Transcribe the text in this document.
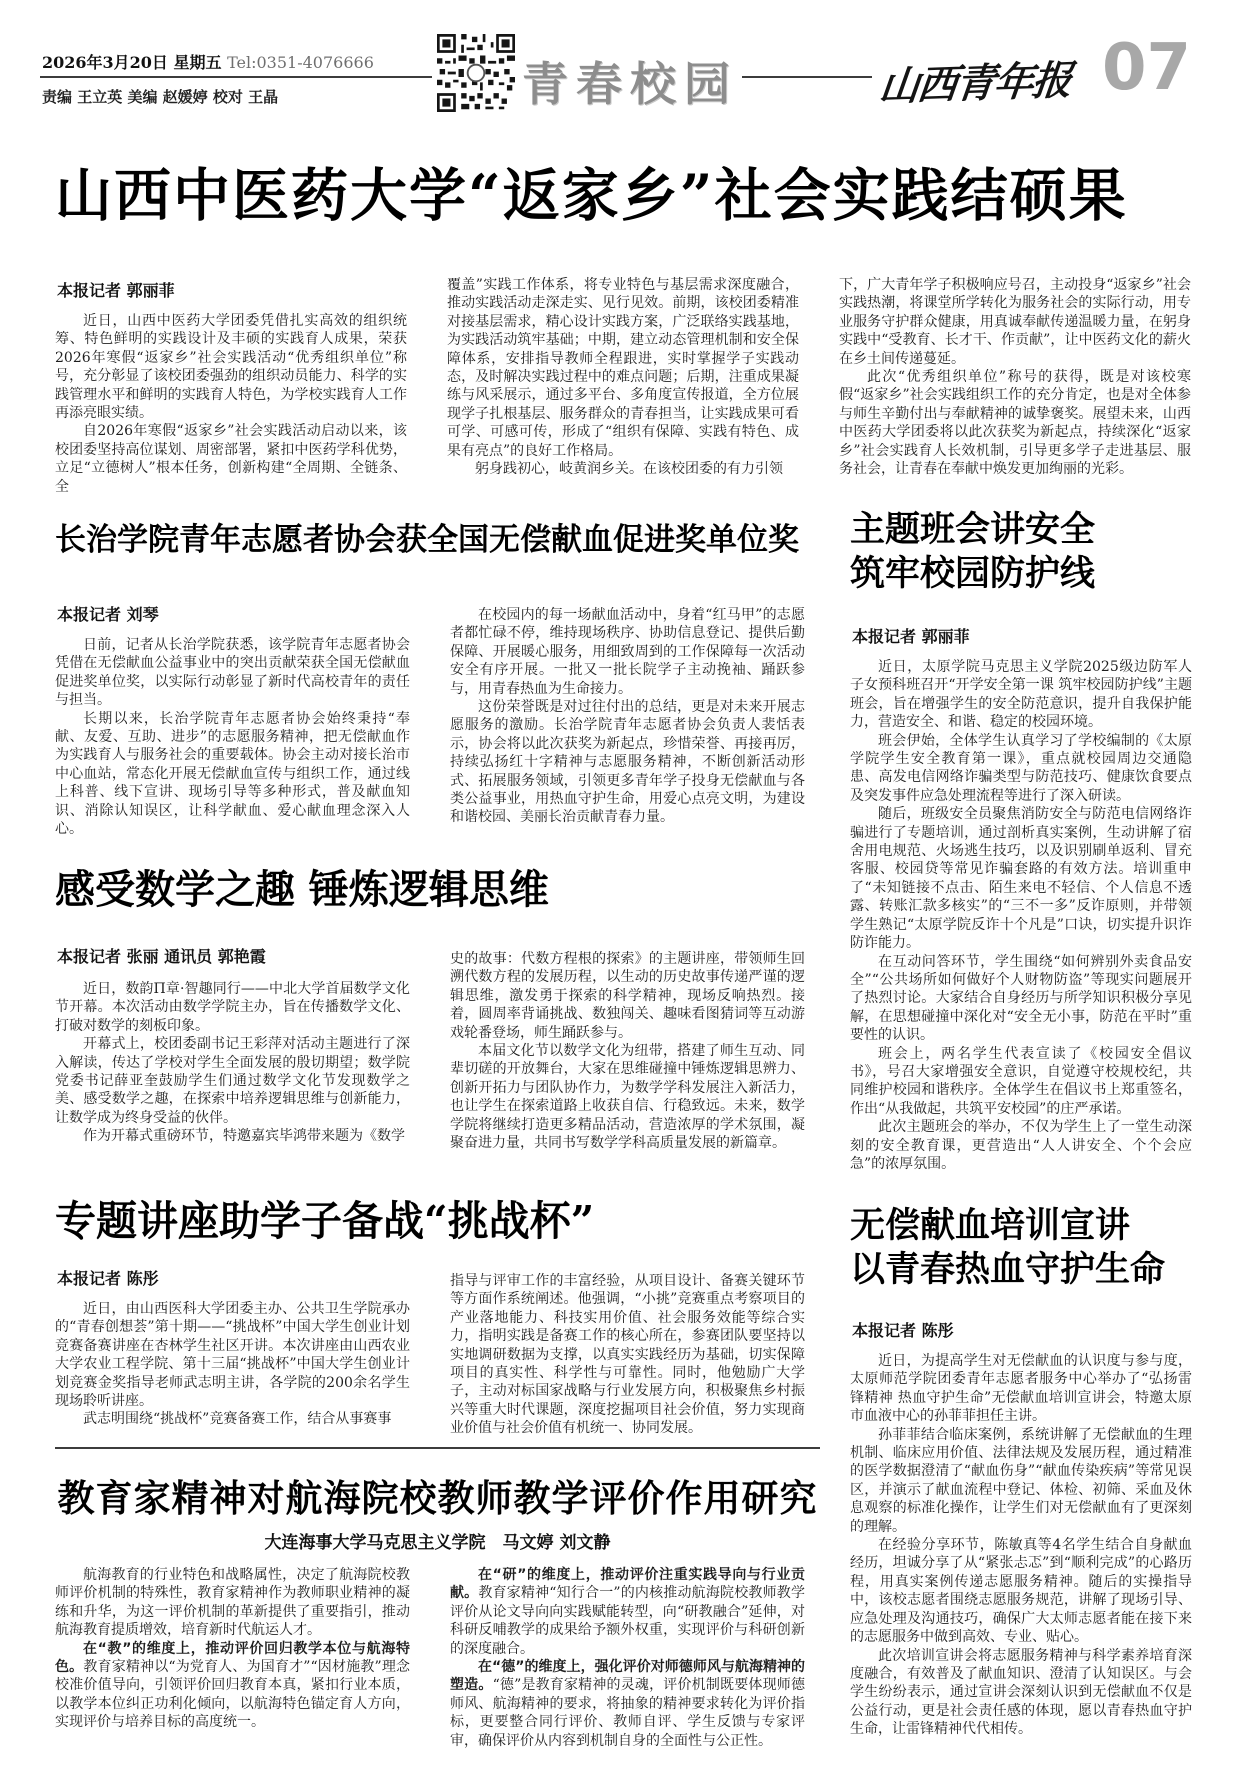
2026年3月20日 星期五 Tel:0351-4076666
责编 王立英 美编 赵媛婷 校对 王晶	青春校园	山西青年报 07
山西中医药大学“返家乡”社会实践结硕果
本报记者 郭丽菲

近日，山西中医药大学团委凭借扎实高效的组织统筹、特色鲜明的实践设计及丰硕的实践育人成果，荣获2026年寒假“返家乡”社会实践活动“优秀组织单位”称号，充分彰显了该校团委强劲的组织动员能力、科学的实践管理水平和鲜明的实践育人特色，为学校实践育人工作再添亮眼实绩。

自2026年寒假“返家乡”社会实践活动启动以来，该校团委坚持高位谋划、周密部署，紧扣中医药学科优势，立足“立德树人”根本任务，创新构建“全周期、全链条、全

覆盖”实践工作体系，将专业特色与基层需求深度融合，推动实践活动走深走实、见行见效。前期，该校团委精准对接基层需求，精心设计实践方案，广泛联络实践基地，为实践活动筑牢基础；中期，建立动态管理机制和安全保障体系，安排指导教师全程跟进，实时掌握学子实践动态，及时解决实践过程中的难点问题；后期，注重成果凝练与风采展示，通过多平台、多角度宣传报道，全方位展现学子扎根基层、服务群众的青春担当，让实践成果可看可学、可感可传，形成了“组织有保障、实践有特色、成果有亮点”的良好工作格局。

躬身践初心，岐黄润乡关。在该校团委的有力引领

下，广大青年学子积极响应号召，主动投身“返家乡”社会实践热潮，将课堂所学转化为服务社会的实际行动，用专业服务守护群众健康，用真诚奉献传递温暖力量，在躬身实践中“受教育、长才干、作贡献”，让中医药文化的薪火在乡土间传递蔓延。

此次“优秀组织单位”称号的获得，既是对该校寒假“返家乡”社会实践组织工作的充分肯定，也是对全体参与师生辛勤付出与奉献精神的诚挚褒奖。展望未来，山西中医药大学团委将以此次获奖为新起点，持续深化“返家乡”社会实践育人长效机制，引导更多学子走进基层、服务社会，让青春在奉献中焕发更加绚丽的光彩。

长治学院青年志愿者协会获全国无偿献血促进奖单位奖
本报记者 刘琴

日前，记者从长治学院获悉，该学院青年志愿者协会凭借在无偿献血公益事业中的突出贡献荣获全国无偿献血促进奖单位奖，以实际行动彰显了新时代高校青年的责任与担当。

长期以来，长治学院青年志愿者协会始终秉持“奉献、友爱、互助、进步”的志愿服务精神，把无偿献血作为实践育人与服务社会的重要载体。协会主动对接长治市中心血站，常态化开展无偿献血宣传与组织工作，通过线上科普、线下宣讲、现场引导等多种形式，普及献血知识、消除认知误区，让科学献血、爱心献血理念深入人心。

在校园内的每一场献血活动中，身着“红马甲”的志愿者都忙碌不停，维持现场秩序、协助信息登记、提供后勤保障、开展暖心服务，用细致周到的工作保障每一次活动安全有序开展。一批又一批长院学子主动挽袖、踊跃参与，用青春热血为生命接力。

这份荣誉既是对过往付出的总结，更是对未来开展志愿服务的激励。长治学院青年志愿者协会负责人裴恬表示，协会将以此次获奖为新起点，珍惜荣誉、再接再厉，持续弘扬红十字精神与志愿服务精神，不断创新活动形式、拓展服务领域，引领更多青年学子投身无偿献血与各类公益事业，用热血守护生命，用爱心点亮文明，为建设和谐校园、美丽长治贡献青春力量。

主题班会讲安全
筑牢校园防护线
本报记者 郭丽菲

近日，太原学院马克思主义学院2025级边防军人子女预科班召开“开学安全第一课 筑牢校园防护线”主题班会，旨在增强学生的安全防范意识，提升自我保护能力，营造安全、和谐、稳定的校园环境。

班会伊始，全体学生认真学习了学校编制的《太原学院学生安全教育第一课》，重点就校园周边交通隐患、高发电信网络诈骗类型与防范技巧、健康饮食要点及突发事件应急处理流程等进行了深入研读。

随后，班级安全员聚焦消防安全与防范电信网络诈骗进行了专题培训，通过剖析真实案例，生动讲解了宿舍用电规范、火场逃生技巧，以及识别刷单返利、冒充客服、校园贷等常见诈骗套路的有效方法。培训重申了“未知链接不点击、陌生来电不轻信、个人信息不透露、转账汇款多核实”的“三不一多”反诈原则，并带领学生熟记“太原学院反诈十个凡是”口诀，切实提升识诈防诈能力。

在互动问答环节，学生围绕“如何辨别外卖食品安全”“公共场所如何做好个人财物防盗”等现实问题展开了热烈讨论。大家结合自身经历与所学知识积极分享见解，在思想碰撞中深化对“安全无小事，防范在平时”重要性的认识。

班会上，两名学生代表宣读了《校园安全倡议书》，号召大家增强安全意识，自觉遵守校规校纪，共同维护校园和谐秩序。全体学生在倡议书上郑重签名，作出“从我做起，共筑平安校园”的庄严承诺。

此次主题班会的举办，不仅为学生上了一堂生动深刻的安全教育课，更营造出“人人讲安全、个个会应急”的浓厚氛围。

感受数学之趣 锤炼逻辑思维
本报记者 张丽 通讯员 郭艳霞

近日，数韵Π章·智趣同行——中北大学首届数学文化节开幕。本次活动由数学学院主办，旨在传播数学文化、打破对数学的刻板印象。

开幕式上，校团委副书记王彩萍对活动主题进行了深入解读，传达了学校对学生全面发展的殷切期望；数学院党委书记薛亚奎鼓励学生们通过数学文化节发现数学之美、感受数学之趣，在探索中培养逻辑思维与创新能力，让数学成为终身受益的伙伴。

作为开幕式重磅环节，特邀嘉宾毕鸿带来题为《数学

史的故事：代数方程根的探索》的主题讲座，带领师生回溯代数方程的发展历程，以生动的历史故事传递严谨的逻辑思维，激发勇于探索的科学精神，现场反响热烈。接着，圆周率背诵挑战、数独闯关、趣味看图猜词等互动游戏轮番登场，师生踊跃参与。

本届文化节以数学文化为纽带，搭建了师生互动、同辈切磋的开放舞台，大家在思维碰撞中锤炼逻辑思辨力、创新开拓力与团队协作力，为数学学科发展注入新活力，也让学生在探索道路上收获自信、行稳致远。未来，数学学院将继续打造更多精品活动，营造浓厚的学术氛围，凝聚奋进力量，共同书写数学学科高质量发展的新篇章。

专题讲座助学子备战“挑战杯”
本报记者 陈彤

近日，由山西医科大学团委主办、公共卫生学院承办的“青春创想荟”第十期——“挑战杯”中国大学生创业计划竞赛备赛讲座在杏林学生社区开讲。本次讲座由山西农业大学农业工程学院、第十三届“挑战杯”中国大学生创业计划竞赛金奖指导老师武志明主讲，各学院的200余名学生现场聆听讲座。

武志明围绕“挑战杯”竞赛备赛工作，结合从事赛事

指导与评审工作的丰富经验，从项目设计、备赛关键环节等方面作系统阐述。他强调，“小挑”竞赛重点考察项目的产业落地能力、科技实用价值、社会服务效能等综合实力，指明实践是备赛工作的核心所在，参赛团队要坚持以实地调研数据为支撑，以真实实践经历为基础，切实保障项目的真实性、科学性与可靠性。同时，他勉励广大学子，主动对标国家战略与行业发展方向，积极聚焦乡村振兴等重大时代课题，深度挖掘项目社会价值，努力实现商业价值与社会价值有机统一、协同发展。

无偿献血培训宣讲
以青春热血守护生命
本报记者 陈彤

近日，为提高学生对无偿献血的认识度与参与度，太原师范学院团委青年志愿者服务中心举办了“弘扬雷锋精神 热血守护生命”无偿献血培训宣讲会，特邀太原市血液中心的孙菲菲担任主讲。

孙菲菲结合临床案例，系统讲解了无偿献血的生理机制、临床应用价值、法律法规及发展历程，通过精准的医学数据澄清了“献血伤身”“献血传染疾病”等常见误区，并演示了献血流程中登记、体检、初筛、采血及休息观察的标准化操作，让学生们对无偿献血有了更深刻的理解。

在经验分享环节，陈敏真等4名学生结合自身献血经历，坦诚分享了从“紧张忐忑”到“顺利完成”的心路历程，用真实案例传递志愿服务精神。随后的实操指导中，该校志愿者围绕志愿服务规范，讲解了现场引导、应急处理及沟通技巧，确保广大太师志愿者能在接下来的志愿服务中做到高效、专业、贴心。

此次培训宣讲会将志愿服务精神与科学素养培育深度融合，有效普及了献血知识、澄清了认知误区。与会学生纷纷表示，通过宣讲会深刻认识到无偿献血不仅是公益行动，更是社会责任感的体现，愿以青春热血守护生命，让雷锋精神代代相传。

教育家精神对航海院校教师教学评价作用研究
大连海事大学马克思主义学院　马文婷 刘文静

航海教育的行业特色和战略属性，决定了航海院校教师评价机制的特殊性，教育家精神作为教师职业精神的凝练和升华，为这一评价机制的革新提供了重要指引，推动航海教育提质增效，培育新时代航运人才。

在“教”的维度上，推动评价回归教学本位与航海特色。教育家精神以“为党育人、为国育才”“因材施教”理念校准价值导向，引领评价回归教育本真，紧扣行业本质，以教学本位纠正功利化倾向，以航海特色锚定育人方向，实现评价与培养目标的高度统一。

在“研”的维度上，推动评价注重实践导向与行业贡献。教育家精神“知行合一”的内核推动航海院校教师教学评价从论文导向向实践赋能转型，向“研教融合”延伸，对科研反哺教学的成果给予额外权重，实现评价与科研创新的深度融合。

在“德”的维度上，强化评价对师德师风与航海精神的塑造。“德”是教育家精神的灵魂，评价机制既要体现师德师风、航海精神的要求，将抽象的精神要求转化为评价指标，更要整合同行评价、教师自评、学生反馈与专家评审，确保评价从内容到机制自身的全面性与公正性。
